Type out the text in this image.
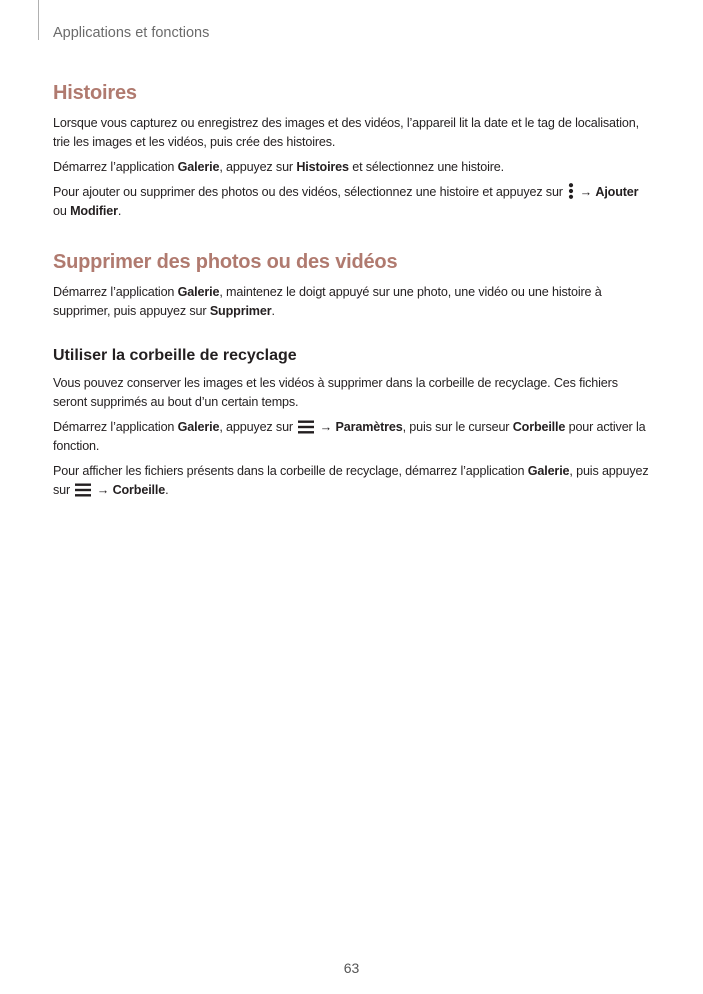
Applications et fonctions
Histoires

Lorsque vous capturez ou enregistrez des images et des vidéos, l’appareil lit la date et le tag de localisation, trie les images et les vidéos, puis crée des histoires.

Démarrez l’application Galerie, appuyez sur Histoires et sélectionnez une histoire.

Pour ajouter ou supprimer des photos ou des vidéos, sélectionnez une histoire et appuyez sur
→ Ajouter ou Modifier.

Supprimer des photos ou des vidéos

Démarrez l’application Galerie, maintenez le doigt appuyé sur une photo, une vidéo ou une histoire à supprimer, puis appuyez sur Supprimer.

Utiliser la corbeille de recyclage

Vous pouvez conserver les images et les vidéos à supprimer dans la corbeille de recyclage. Ces fichiers seront supprimés au bout d’un certain temps.

Démarrez l’application Galerie, appuyez sur
→ Paramètres, puis sur le curseur Corbeille pour activer la fonction.

Pour afficher les fichiers présents dans la corbeille de recyclage, démarrez l’application Galerie, puis appuyez sur
→ Corbeille.

63
